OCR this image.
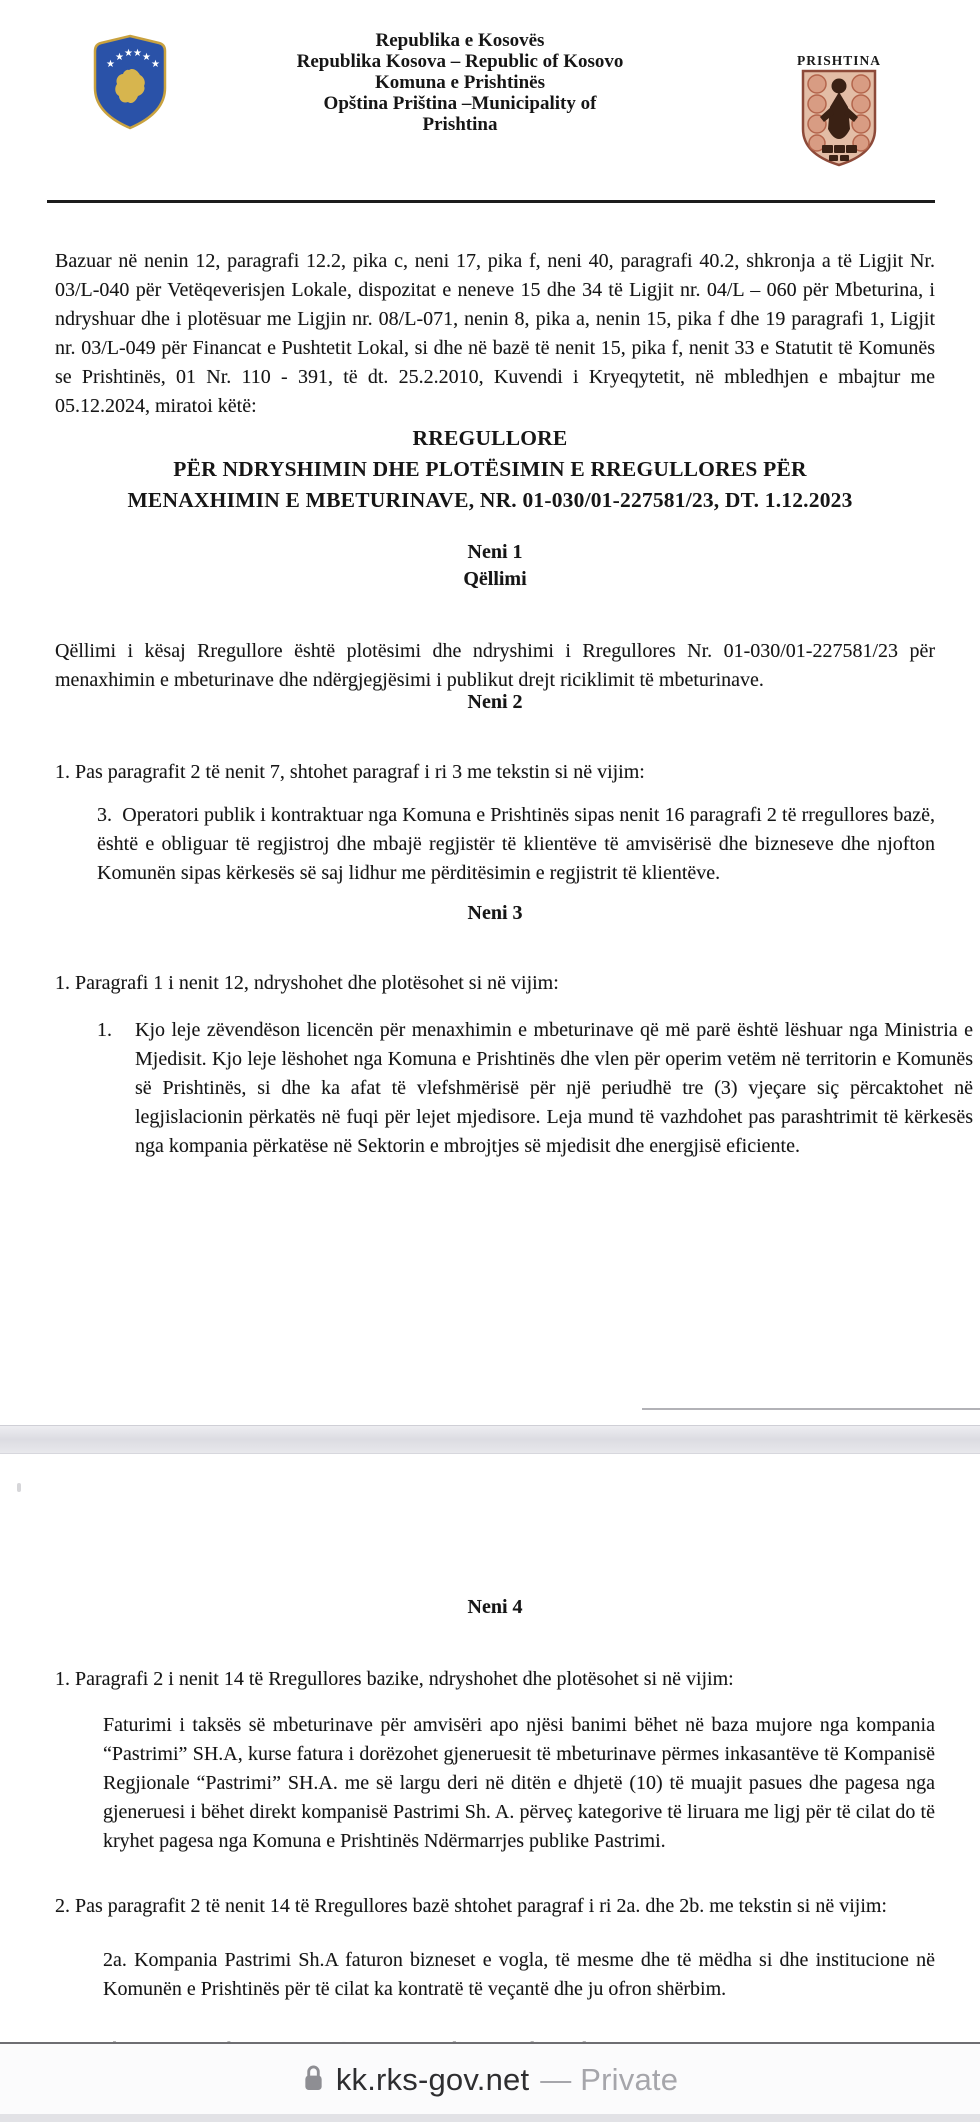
★
★ ★ ★ ★
★
Republika e Kosovës
Republika Kosova – Republic of Kosovo
Komuna e Prishtinës
Opština Priština –Municipality of
Prishtina
PRISHTINA

Bazuar në nenin 12, paragrafi 12.2, pika c, neni 17, pika f, neni 40, paragrafi 40.2, shkronja a të Ligjit Nr. 03/L-040 për Vetëqeverisjen Lokale, dispozitat e neneve 15 dhe 34 të Ligjit nr. 04/L – 060 për Mbeturina, i ndryshuar dhe i plotësuar me Ligjin nr. 08/L-071, nenin 8, pika a, nenin 15, pika f dhe 19 paragrafi 1, Ligjit nr. 03/L-049 për Financat e Pushtetit Lokal, si dhe në bazë të nenit 15, pika f, nenit 33 e Statutit të Komunës se Prishtinës, 01 Nr. 110 - 391, të dt. 25.2.2010, Kuvendi i Kryeqytetit, në mbledhjen e mbajtur me 05.12.2024, miratoi këtë:

RREGULLORE
PËR NDRYSHIMIN DHE PLOTËSIMIN E RREGULLORES PËR
MENAXHIMIN E MBETURINAVE, NR. 01-030/01-227581/23, DT. 1.12.2023
Neni 1
Qëllimi

Qëllimi i kësaj Rregullore është plotësimi dhe ndryshimi i Rregullores Nr. 01-030/01-227581/23 për menaxhimin e mbeturinave dhe ndërgjegjësimi i publikut drejt riciklimit të mbeturinave.

Neni 2

1. Pas paragrafit 2 të nenit 7, shtohet paragraf i ri 3 me tekstin si në vijim:

3.  Operatori publik i kontraktuar nga Komuna e Prishtinës sipas nenit 16 paragrafi 2 të rregullores bazë, është e obliguar të regjistroj dhe mbajë regjistër të klientëve të amvisërisë dhe bizneseve dhe njofton Komunën sipas kërkesës së saj lidhur me përditësimin e regjistrit të klientëve.

Neni 3

1. Paragrafi 1 i nenit 12, ndryshohet dhe plotësohet si në vijim:

1. Kjo leje zëvendëson licencën për menaxhimin e mbeturinave që më parë është lëshuar nga Ministria e Mjedisit. Kjo leje lëshohet nga Komuna e Prishtinës dhe vlen për operim vetëm në territorin e Komunës së Prishtinës, si dhe ka afat të vlefshmërisë për një periudhë tre (3) vjeçare siç përcaktohet në legjislacionin përkatës në fuqi për lejet mjedisore. Leja mund të vazhdohet pas parashtrimit të kërkesës nga kompania përkatëse në Sektorin e mbrojtjes së mjedisit dhe energjisë eficiente.

Neni 4

1. Paragrafi 2 i nenit 14 të Rregullores bazike, ndryshohet dhe plotësohet si në vijim:

Faturimi i taksës së mbeturinave për amvisëri apo njësi banimi bëhet në baza mujore nga kompania “Pastrimi” SH.A, kurse fatura i dorëzohet gjeneruesit të mbeturinave përmes inkasantëve të Kompanisë Regjionale “Pastrimi” SH.A. me së largu deri në ditën e dhjetë (10) të muajit pasues dhe pagesa nga gjeneruesi i bëhet direkt kompanisë Pastrimi Sh. A. përveç kategorive të liruara me ligj për të cilat do të kryhet pagesa nga Komuna e Prishtinës Ndërmarrjes publike Pastrimi.

2. Pas paragrafit 2 të nenit 14 të Rregullores bazë shtohet paragraf i ri 2a. dhe 2b. me tekstin si në vijim:

2a. Kompania Pastrimi Sh.A faturon bizneset e vogla, të mesme dhe të mëdha si dhe institucione në Komunën e Prishtinës për të cilat ka kontratë të veçantë dhe ju ofron shërbim.

kk.rks-gov.net — Private
